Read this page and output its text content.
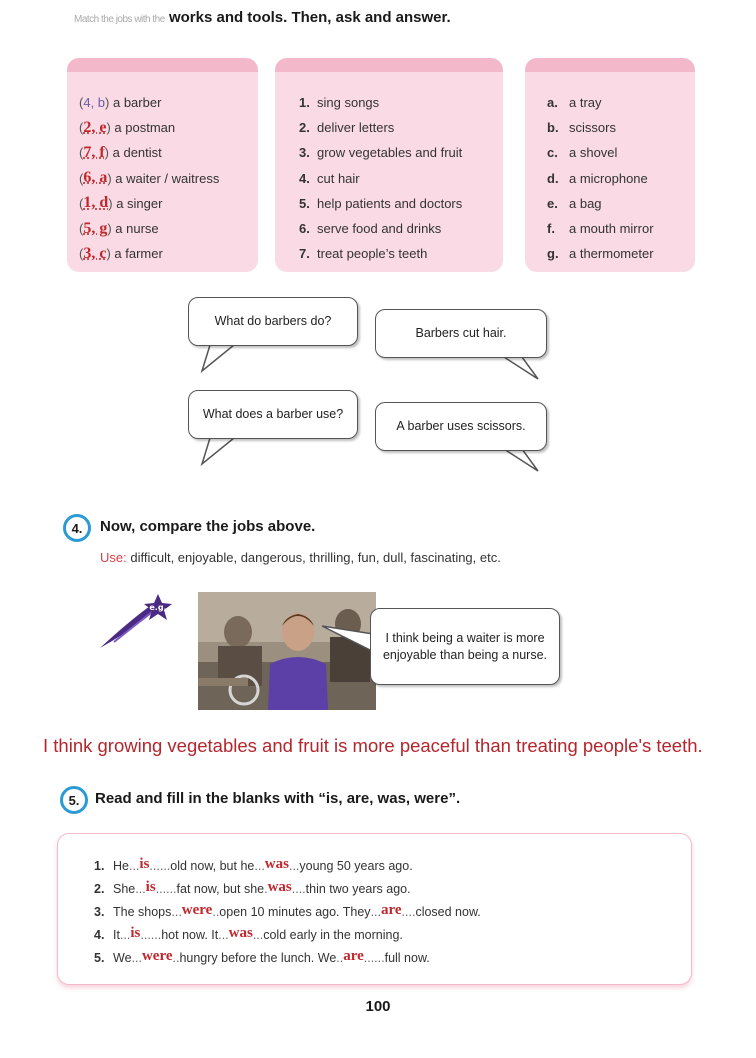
Match the jobs with the works and tools. Then, ask and answer.
( 4, b ) a barber
( 2, e ) a postman
( 7, f ) a dentist
( 6, a ) a waiter / waitress
( 1, d ) a singer
( 5, g ) a nurse
( 3, c ) a farmer
1. sing songs
2. deliver letters
3. grow vegetables and fruit
4. cut hair
5. help patients and doctors
6. serve food and drinks
7. treat people’s teeth
a. a tray
b. scissors
c. a shovel
d. a microphone
e. a bag
f.	a mouth mirror
g. a thermometer
What do barbers do?
Barbers cut hair.
What does a barber use?
A barber uses scissors.
4.	Now, compare the jobs above.
Use: difficult, enjoyable, dangerous, thrilling, fun, dull, fascinating, etc.
e.g.
I think being a waiter is more enjoyable than being a nurse.
I think growing vegetables and fruit is more peaceful than treating people's teeth.
5.	Read and fill in the blanks with “is, are, was, were”.
1. He ... is ...... old now, but he ... was ... young 50 years ago.
2. She ... is ...... fat now, but she . was .... thin two years ago.
3. The shops ... were .. open 10 minutes ago. They ... are .... closed now.
4. It ... is ...... hot now. It ... was ... cold early in the morning.
5. We ... were .. hungry before the lunch. We .. are ...... full now.
100
